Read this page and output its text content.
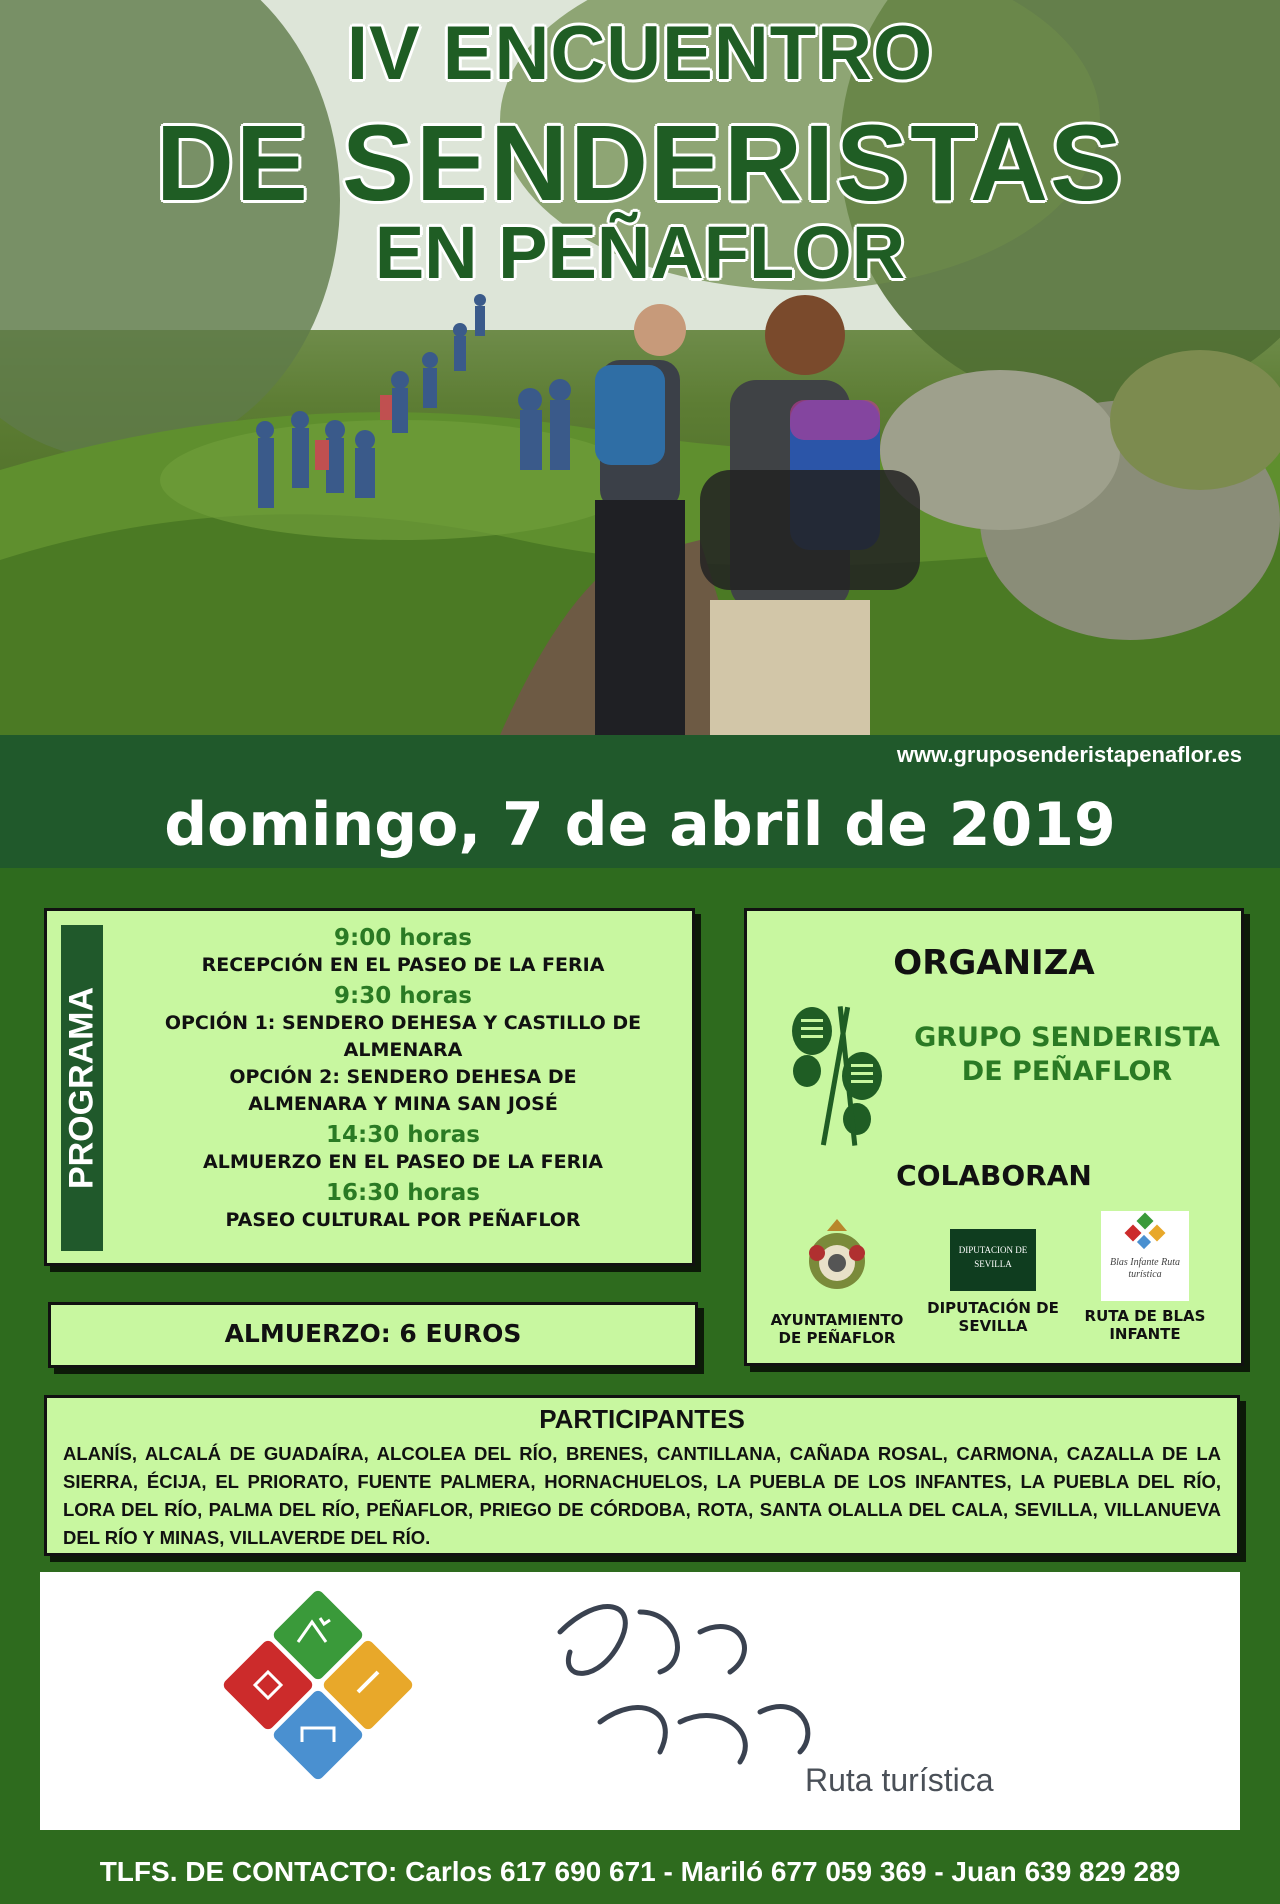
IV ENCUENTRO
DE SENDERISTAS
EN PEÑAFLOR
www.gruposenderistapenaflor.es
domingo, 7 de abril de 2019
PROGRAMA
9:00 horas
RECEPCIÓN EN EL PASEO DE LA FERIA
9:30 horas
OPCIÓN 1: SENDERO DEHESA Y CASTILLO DE ALMENARA
OPCIÓN 2: SENDERO DEHESA DE ALMENARA Y MINA SAN JOSÉ
14:30 horas
ALMUERZO EN EL PASEO DE LA FERIA
16:30 horas
PASEO CULTURAL POR PEÑAFLOR
ORGANIZA
GRUPO SENDERISTA DE PEÑAFLOR
COLABORAN
AYUNTAMIENTO DE PEÑAFLOR
DIPUTACION DE SEVILLA
DIPUTACIÓN DE SEVILLA
Blas Infante Ruta turística
RUTA DE BLAS INFANTE
ALMUERZO: 6 EUROS
PARTICIPANTES
ALANÍS, ALCALÁ DE GUADAÍRA, ALCOLEA DEL RÍO, BRENES, CANTILLANA, CAÑADA ROSAL, CARMONA, CAZALLA DE LA SIERRA, ÉCIJA, EL PRIORATO, FUENTE PALMERA, HORNACHUELOS, LA PUEBLA DE LOS INFANTES, LA PUEBLA DEL RÍO, LORA DEL RÍO, PALMA DEL RÍO, PEÑAFLOR, PRIEGO DE CÓRDOBA, ROTA, SANTA OLALLA DEL CALA, SEVILLA, VILLANUEVA DEL RÍO Y MINAS, VILLAVERDE DEL RÍO.
Ruta turística
TLFS. DE CONTACTO: Carlos 617 690 671 - Mariló 677 059 369 - Juan 639 829 289
